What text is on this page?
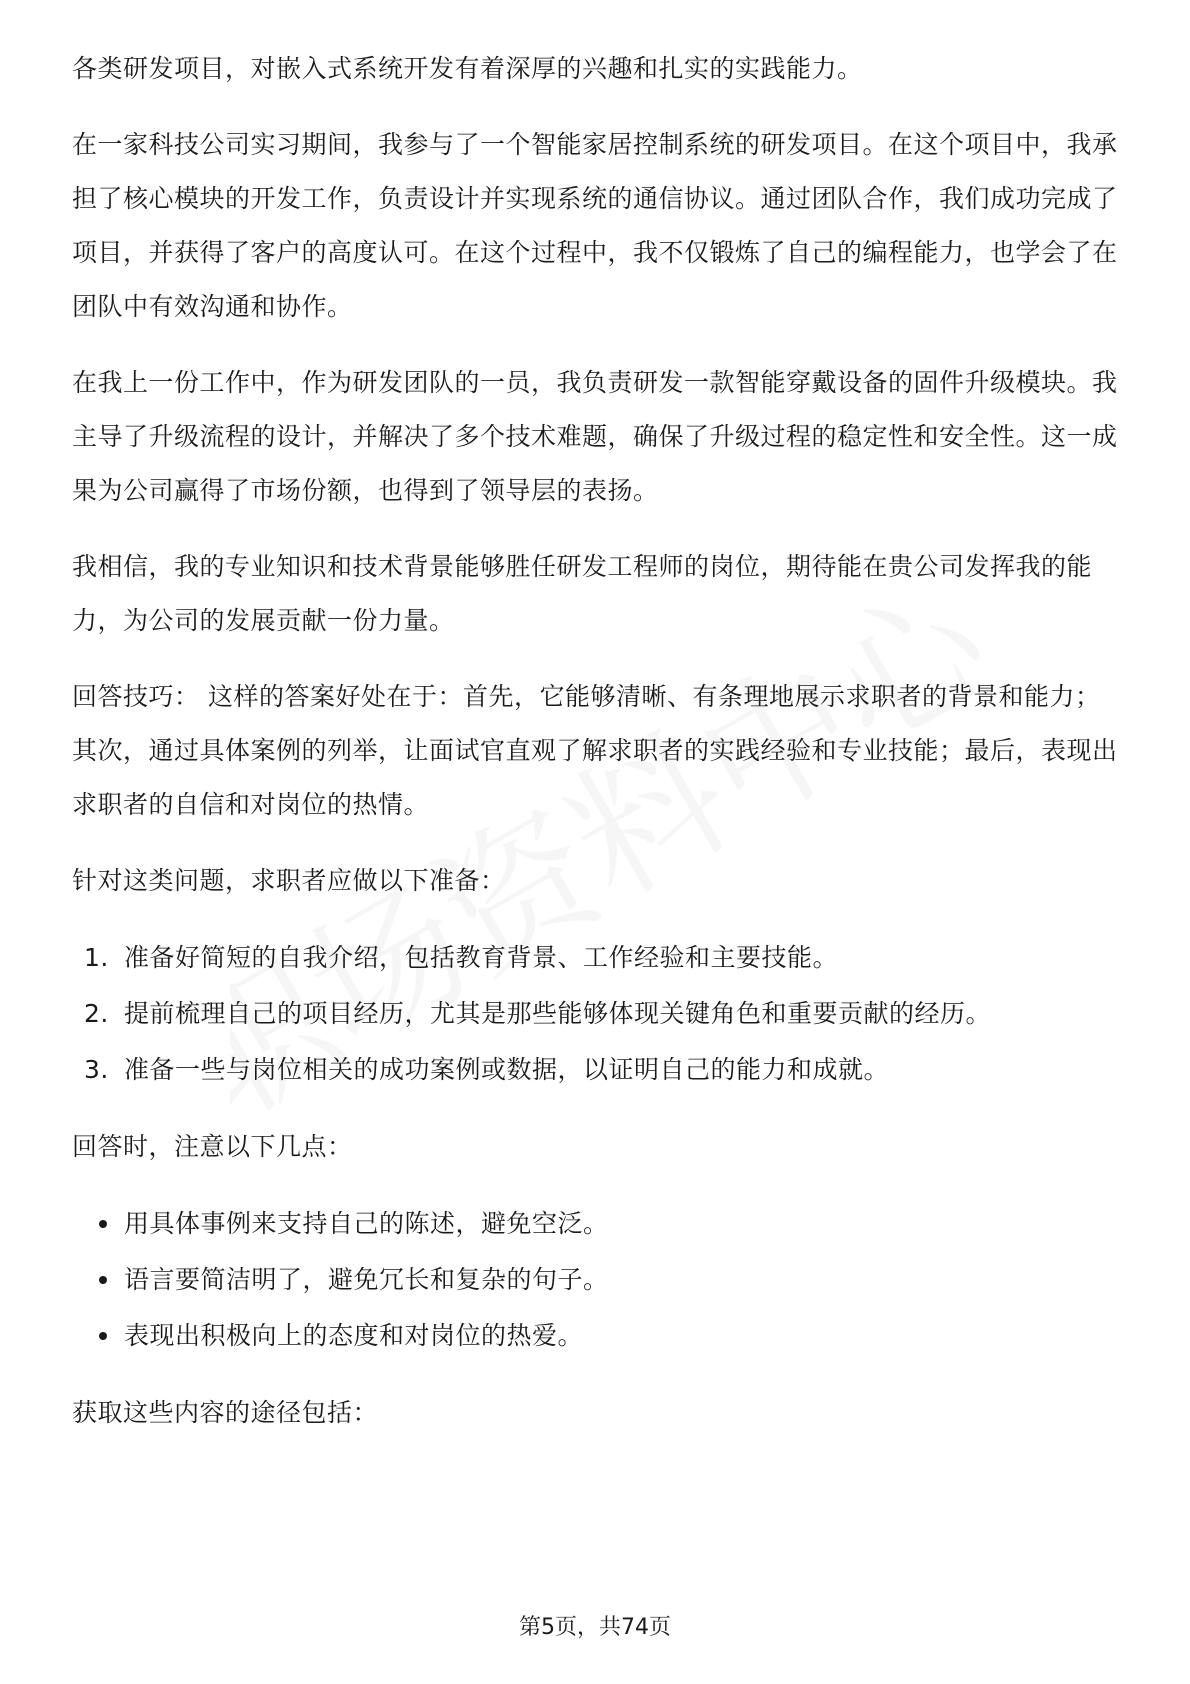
职场资料中心

各类研发项目，对嵌入式系统开发有着深厚的兴趣和扎实的实践能力。

在一家科技公司实习期间，我参与了一个智能家居控制系统的研发项目。在这个项目中，我承担了核心模块的开发工作，负责设计并实现系统的通信协议。通过团队合作，我们成功完成了项目，并获得了客户的高度认可。在这个过程中，我不仅锻炼了自己的编程能力，也学会了在团队中有效沟通和协作。

在我上一份工作中，作为研发团队的一员，我负责研发一款智能穿戴设备的固件升级模块。我主导了升级流程的设计，并解决了多个技术难题，确保了升级过程的稳定性和安全性。这一成果为公司赢得了市场份额，也得到了领导层的表扬。

我相信，我的专业知识和技术背景能够胜任研发工程师的岗位，期待能在贵公司发挥我的能力，为公司的发展贡献一份力量。

回答技巧： 这样的答案好处在于：首先，它能够清晰、有条理地展示求职者的背景和能力；其次，通过具体案例的列举，让面试官直观了解求职者的实践经验和专业技能；最后，表现出求职者的自信和对岗位的热情。

针对这类问题，求职者应做以下准备：

1. 准备好简短的自我介绍，包括教育背景、工作经验和主要技能。
2. 提前梳理自己的项目经历，尤其是那些能够体现关键角色和重要贡献的经历。
3. 准备一些与岗位相关的成功案例或数据，以证明自己的能力和成就。

回答时，注意以下几点：

用具体事例来支持自己的陈述，避免空泛。
语言要简洁明了，避免冗长和复杂的句子。
表现出积极向上的态度和对岗位的热爱。

获取这些内容的途径包括：

第5页，共74页
